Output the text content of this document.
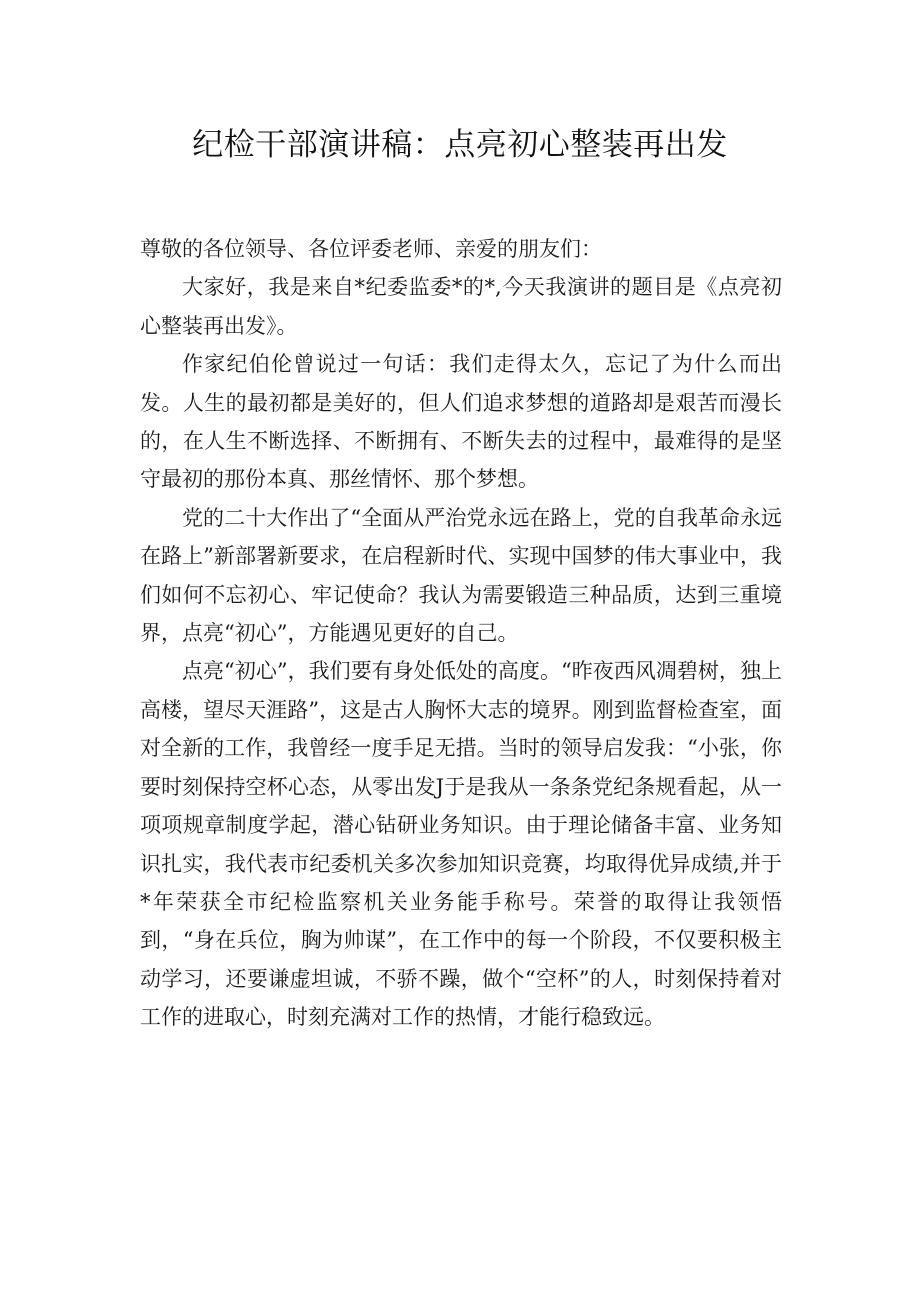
纪检干部演讲稿：点亮初心整装再出发

尊敬的各位领导、各位评委老师、亲爱的朋友们：

大家好，我是来自*纪委监委*的*,今天我演讲的题目是《点亮初心整装再出发》。

作家纪伯伦曾说过一句话：我们走得太久，忘记了为什么而出发。人生的最初都是美好的，但人们追求梦想的道路却是艰苦而漫长的，在人生不断选择、不断拥有、不断失去的过程中，最难得的是坚守最初的那份本真、那丝情怀、那个梦想。

党的二十大作出了“全面从严治党永远在路上，党的自我革命永远在路上”新部署新要求，在启程新时代、实现中国梦的伟大事业中，我们如何不忘初心、牢记使命？我认为需要锻造三种品质，达到三重境界，点亮“初心”，方能遇见更好的自己。

点亮“初心”，我们要有身处低处的高度。“昨夜西风凋碧树，独上高楼，望尽天涯路”，这是古人胸怀大志的境界。刚到监督检查室，面对全新的工作，我曾经一度手足无措。当时的领导启发我：“小张，你要时刻保持空杯心态，从零出发J于是我从一条条党纪条规看起，从一项项规章制度学起，潜心钻研业务知识。由于理论储备丰富、业务知识扎实，我代表市纪委机关多次参加知识竞赛，均取得优异成绩,并于*年荣获全市纪检监察机关业务能手称号。荣誉的取得让我领悟到，“身在兵位，胸为帅谋”，在工作中的每一个阶段，不仅要积极主动学习，还要谦虚坦诚，不骄不躁，做个“空杯”的人，时刻保持着对工作的进取心，时刻充满对工作的热情，才能行稳致远。
